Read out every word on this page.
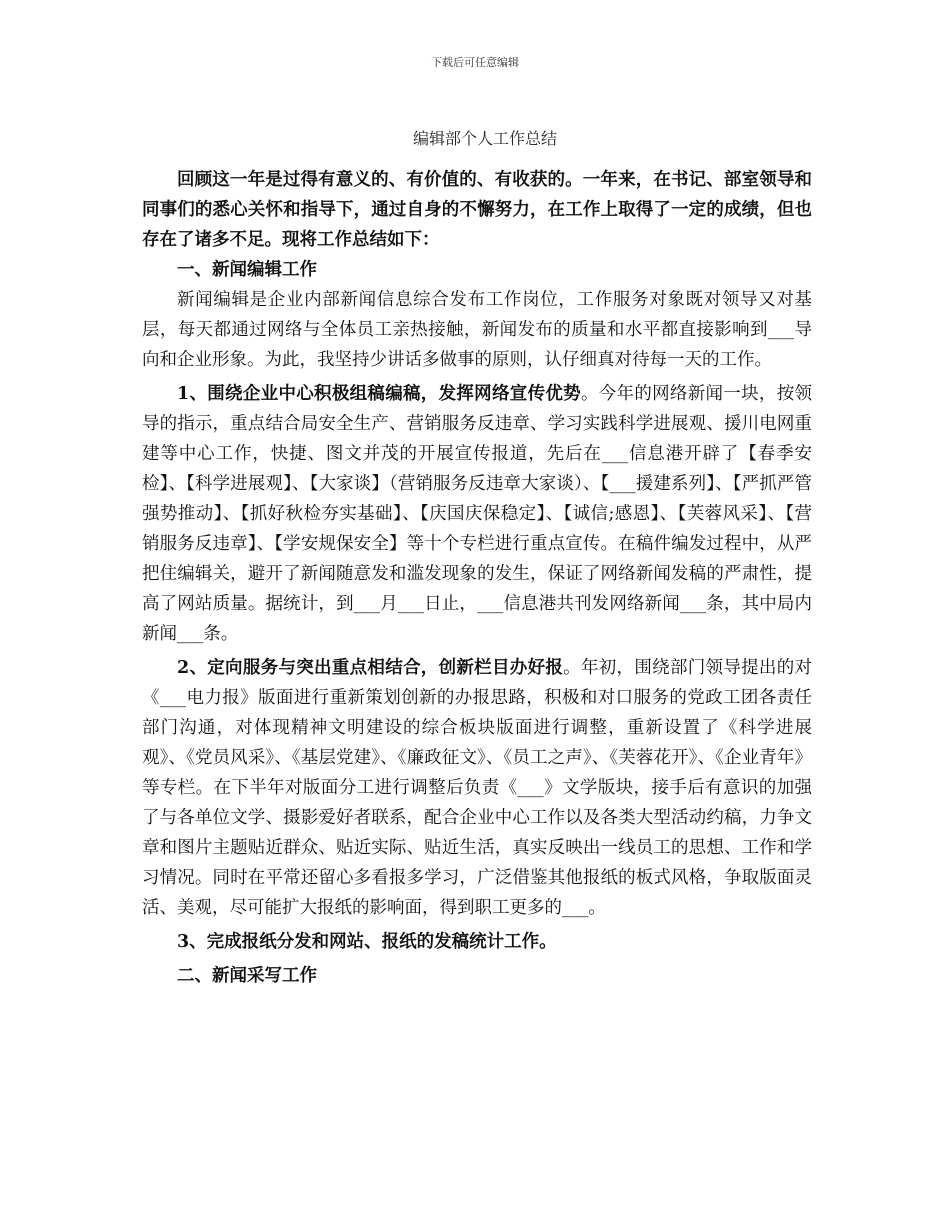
下载后可任意编辑
编辑部个人工作总结

回顾这一年是过得有意义的、有价值的、有收获的。一年来，在书记、部室领导和同事们的悉心关怀和指导下，通过自身的不懈努力，在工作上取得了一定的成绩，但也存在了诸多不足。现将工作总结如下：

一、新闻编辑工作

新闻编辑是企业内部新闻信息综合发布工作岗位，工作服务对象既对领导又对基层，每天都通过网络与全体员工亲热接触，新闻发布的质量和水平都直接影响到___导向和企业形象。为此，我坚持少讲话多做事的原则，认仔细真对待每一天的工作。

1、围绕企业中心积极组稿编稿，发挥网络宣传优势。今年的网络新闻一块，按领导的指示，重点结合局安全生产、营销服务反违章、学习实践科学进展观、援川电网重建等中心工作，快捷、图文并茂的开展宣传报道，先后在___信息港开辟了【春季安检】、【科学进展观】、【大家谈】（营销服务反违章大家谈）、【___援建系列】、【严抓严管强势推动】、【抓好秋检夯实基础】、【庆国庆保稳定】、【诚信;感恩】、【芙蓉风采】、【营销服务反违章】、【学安规保安全】等十个专栏进行重点宣传。在稿件编发过程中，从严把住编辑关，避开了新闻随意发和滥发现象的发生，保证了网络新闻发稿的严肃性，提高了网站质量。据统计，到___月___日止，___信息港共刊发网络新闻___条，其中局内新闻___条。

2、定向服务与突出重点相结合，创新栏目办好报。年初，围绕部门领导提出的对《___电力报》版面进行重新策划创新的办报思路，积极和对口服务的党政工团各责任部门沟通，对体现精神文明建设的综合板块版面进行调整，重新设置了《科学进展观》、《党员风采》、《基层党建》、《廉政征文》、《员工之声》、《芙蓉花开》、《企业青年》等专栏。在下半年对版面分工进行调整后负责《___》文学版块，接手后有意识的加强了与各单位文学、摄影爱好者联系，配合企业中心工作以及各类大型活动约稿，力争文章和图片主题贴近群众、贴近实际、贴近生活，真实反映出一线员工的思想、工作和学习情况。同时在平常还留心多看报多学习，广泛借鉴其他报纸的板式风格，争取版面灵活、美观，尽可能扩大报纸的影响面，得到职工更多的___。

3、完成报纸分发和网站、报纸的发稿统计工作。

二、新闻采写工作
